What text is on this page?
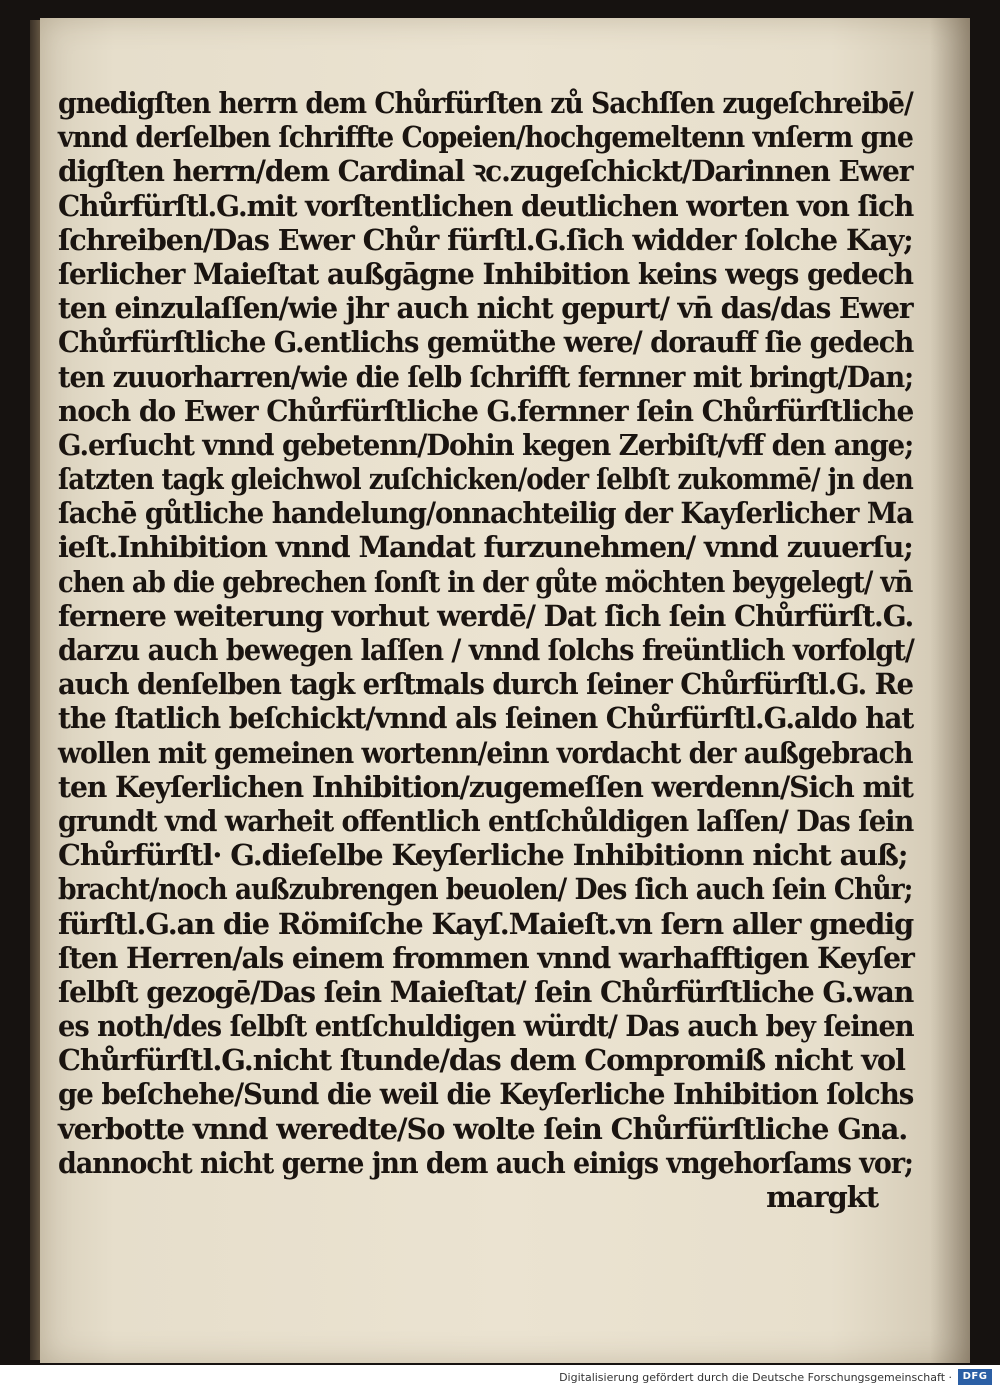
gnedigſten herrn dem Chůrfürſten zů Sachſſen zugeſchreibē/
vnnd derſelben ſchriffte Copeien/hochgemeltenn vnſerm gne
digſten herrn/dem Cardinal ꝛc.zugeſchickt/Darinnen Ewer
Chůrfürſtl.G.mit vorſtentlichen deutlichen worten von ſich
ſchreiben/Das Ewer Chůr fürſtl.G.ſich widder ſolche Kay;
ſerlicher Maieſtat außgāgne Inhibition keins wegs gedech
ten einzulaſſen/wie jhr auch nicht gepurt/ vn̄ das/das Ewer
Chůrfürſtliche G.entlichs gemüthe were/ dorauff ſie gedech
ten zuuorharren/wie die ſelb ſchrifft fernner mit bringt/Dan;
noch do Ewer Chůrfürſtliche G.fernner ſein Chůrfürſtliche
G.erſucht vnnd gebetenn/Dohin kegen Zerbiſt/vff den ange;
ſatzten tagk gleichwol zuſchicken/oder ſelbſt zukommē/ jn den
ſachē gůtliche handelung/onnachteilig der Kayſerlicher Ma
ieſt.Inhibition vnnd Mandat furzunehmen/ vnnd zuuerſu;
chen ab die gebrechen ſonſt in der gůte möchten beygelegt/ vn̄
fernere weiterung vorhut werdē/ Dat ſich ſein Chůrfürſt.G.
darzu auch bewegen laſſen / vnnd ſolchs freüntlich vorfolgt/
auch denſelben tagk erſtmals durch ſeiner Chůrfürſtl.G. Re
the ſtatlich beſchickt/vnnd als ſeinen Chůrfürſtl.G.aldo hat
wollen mit gemeinen wortenn/einn vordacht der außgebrach
ten Keyſerlichen Inhibition/zugemeſſen werdenn/Sich mit
grundt vnd warheit offentlich entſchůldigen laſſen/ Das ſein
Chůrfürſtl· G.dieſelbe Keyſerliche Inhibitionn nicht auß;
bracht/noch außzubrengen beuolen/ Des ſich auch ſein Chůr;
fürſtl.G.an die Römiſche Kayſ.Maieſt.vn ſern aller gnedig
ſten Herren/als einem frommen vnnd warhafftigen Keyſer
ſelbſt gezogē/Das ſein Maieſtat/ ſein Chůrfürſtliche G.wan
es noth/des ſelbſt entſchuldigen würdt/ Das auch bey ſeinen
Chůrfürſtl.G.nicht ſtunde/das dem Compromiß nicht vol
ge beſchehe/Sund die weil die Keyſerliche Inhibition ſolchs
verbotte vnnd weredte/So wolte ſein Chůrfürſtliche Gna.
dannocht nicht gerne jnn dem auch einigs vngehorſams vor;
margkt
Digitalisierung gefördert durch die Deutsche Forschungsgemeinschaft ·	DFG
